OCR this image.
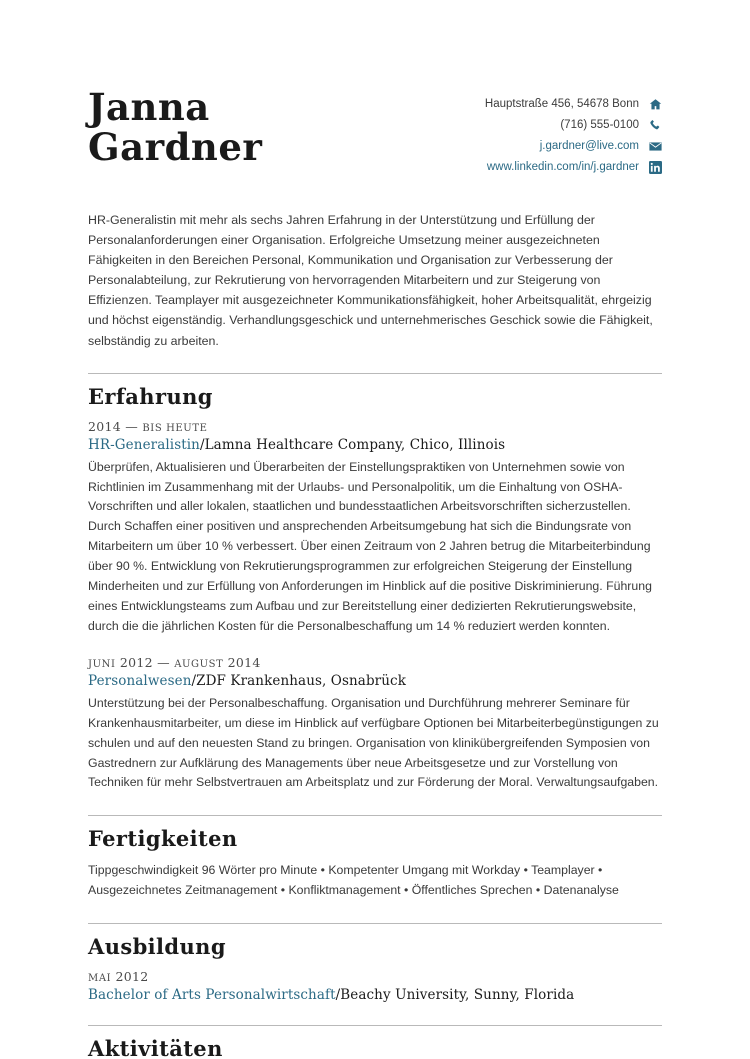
Janna
Gardner
Hauptstraße 456, 54678 Bonn
(716) 555-0100
j.gardner@live.com
www.linkedin.com/in/j.gardner

HR-Generalistin mit mehr als sechs Jahren Erfahrung in der Unterstützung und Erfüllung der Personalanforderungen einer Organisation. Erfolgreiche Umsetzung meiner ausgezeichneten Fähigkeiten in den Bereichen Personal, Kommunikation und Organisation zur Verbesserung der Personalabteilung, zur Rekrutierung von hervorragenden Mitarbeitern und zur Steigerung von Effizienzen. Teamplayer mit ausgezeichneter Kommunikationsfähigkeit, hoher Arbeitsqualität, ehrgeizig und höchst eigenständig. Verhandlungsgeschick und unternehmerisches Geschick sowie die Fähigkeit, selbständig zu arbeiten.

Erfahrung
2014 — BIS HEUTE
HR-Generalistin/Lamna Healthcare Company, Chico, Illinois
Überprüfen, Aktualisieren und Überarbeiten der Einstellungspraktiken von Unternehmen sowie von Richtlinien im Zusammenhang mit der Urlaubs- und Personalpolitik, um die Einhaltung von OSHA-Vorschriften und aller lokalen, staatlichen und bundesstaatlichen Arbeitsvorschriften sicherzustellen. Durch Schaffen einer positiven und ansprechenden Arbeitsumgebung hat sich die Bindungsrate von Mitarbeitern um über 10 % verbessert. Über einen Zeitraum von 2 Jahren betrug die Mitarbeiterbindung über 90 %. Entwicklung von Rekrutierungsprogrammen zur erfolgreichen Steigerung der Einstellung Minderheiten und zur Erfüllung von Anforderungen im Hinblick auf die positive Diskriminierung. Führung eines Entwicklungsteams zum Aufbau und zur Bereitstellung einer dedizierten Rekrutierungswebsite, durch die die jährlichen Kosten für die Personalbeschaffung um 14 % reduziert werden konnten.
JUNI 2012 — AUGUST 2014
Personalwesen/ZDF Krankenhaus, Osnabrück
Unterstützung bei der Personalbeschaffung. Organisation und Durchführung mehrerer Seminare für Krankenhausmitarbeiter, um diese im Hinblick auf verfügbare Optionen bei Mitarbeiterbegünstigungen zu schulen und auf den neuesten Stand zu bringen. Organisation von klinikübergreifenden Symposien von Gastrednern zur Aufklärung des Managements über neue Arbeitsgesetze und zur Vorstellung von Techniken für mehr Selbstvertrauen am Arbeitsplatz und zur Förderung der Moral. Verwaltungsaufgaben.
Fertigkeiten
Tippgeschwindigkeit 96 Wörter pro Minute • Kompetenter Umgang mit Workday • Teamplayer • Ausgezeichnetes Zeitmanagement • Konfliktmanagement • Öffentliches Sprechen • Datenanalyse
Ausbildung
MAI 2012
Bachelor of Arts Personalwirtschaft/Beachy University, Sunny, Florida
Aktivitäten
